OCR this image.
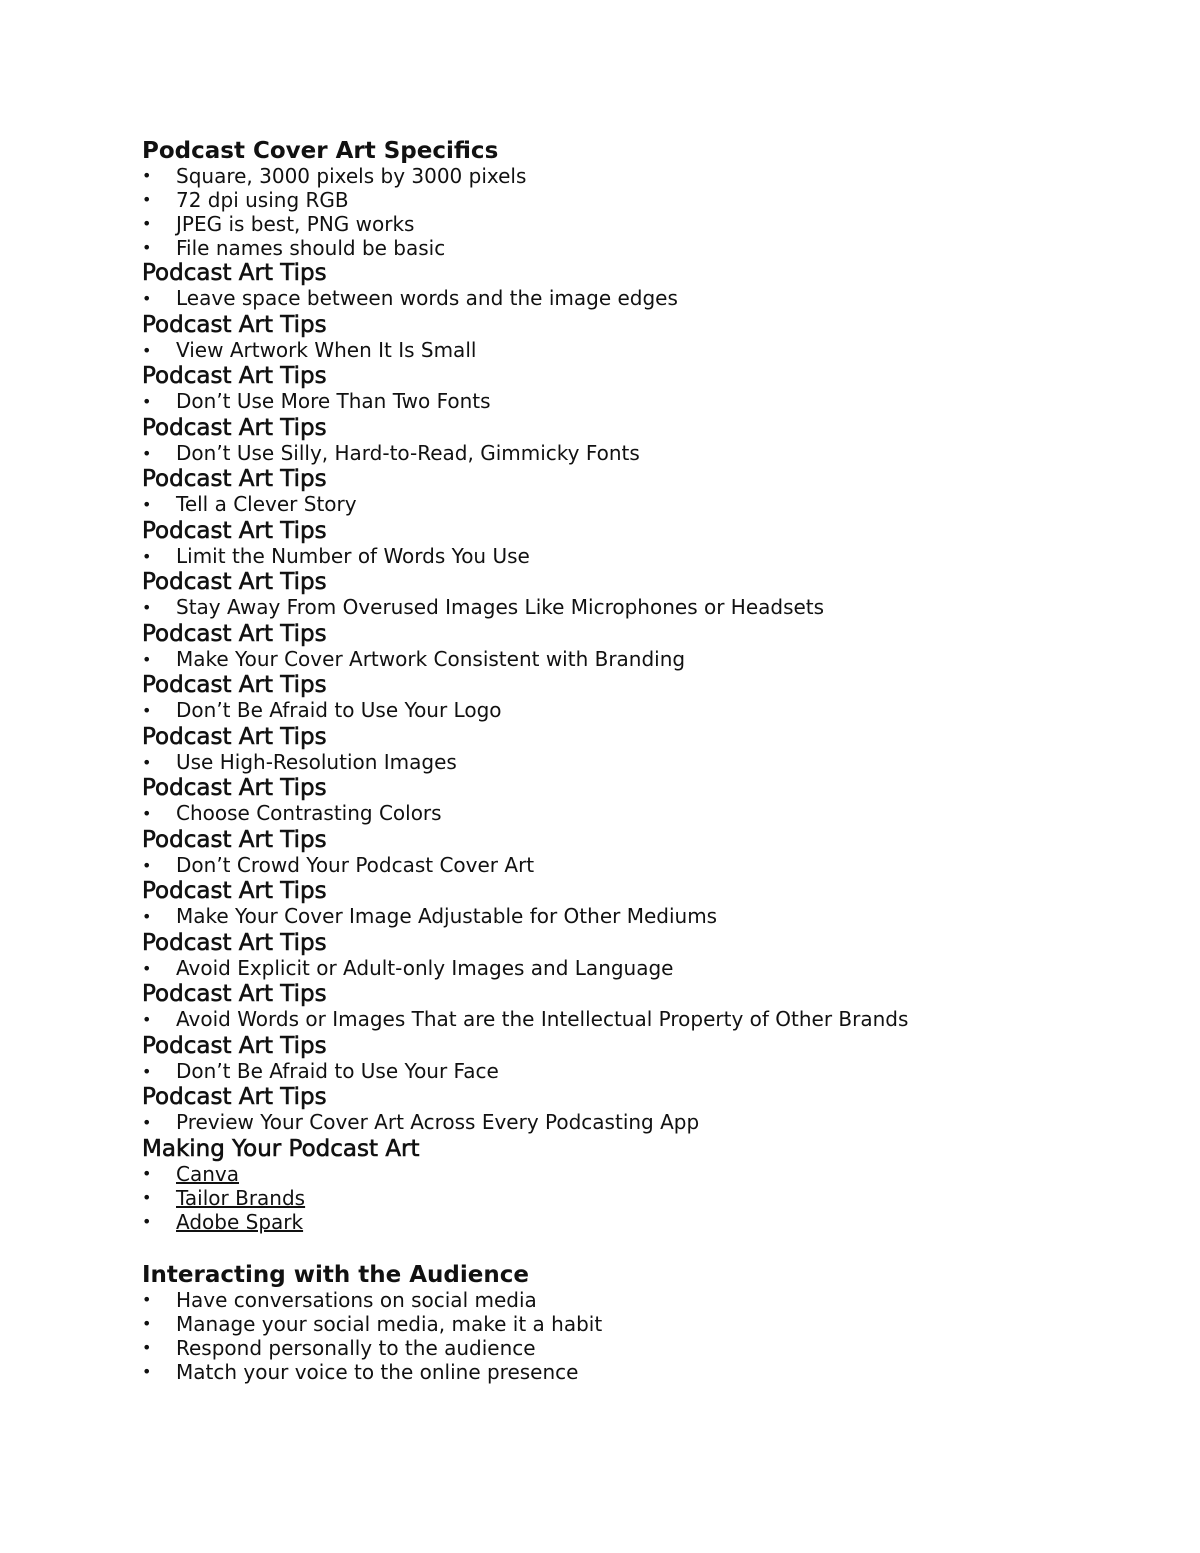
Podcast Cover Art Specifics
• Square, 3000 pixels by 3000 pixels
• 72 dpi using RGB
• JPEG is best, PNG works
• File names should be basic
Podcast Art Tips
• Leave space between words and the image edges
Podcast Art Tips
• View Artwork When It Is Small
Podcast Art Tips
• Don’t Use More Than Two Fonts
Podcast Art Tips
• Don’t Use Silly, Hard-to-Read, Gimmicky Fonts
Podcast Art Tips
• Tell a Clever Story
Podcast Art Tips
• Limit the Number of Words You Use
Podcast Art Tips
• Stay Away From Overused Images Like Microphones or Headsets
Podcast Art Tips
• Make Your Cover Artwork Consistent with Branding
Podcast Art Tips
• Don’t Be Afraid to Use Your Logo
Podcast Art Tips
• Use High-Resolution Images
Podcast Art Tips
• Choose Contrasting Colors
Podcast Art Tips
• Don’t Crowd Your Podcast Cover Art
Podcast Art Tips
• Make Your Cover Image Adjustable for Other Mediums
Podcast Art Tips
• Avoid Explicit or Adult-only Images and Language
Podcast Art Tips
• Avoid Words or Images That are the Intellectual Property of Other Brands
Podcast Art Tips
• Don’t Be Afraid to Use Your Face
Podcast Art Tips
• Preview Your Cover Art Across Every Podcasting App
Making Your Podcast Art
• Canva
• Tailor Brands
• Adobe Spark
Interacting with the Audience
• Have conversations on social media
• Manage your social media, make it a habit
• Respond personally to the audience
• Match your voice to the online presence
